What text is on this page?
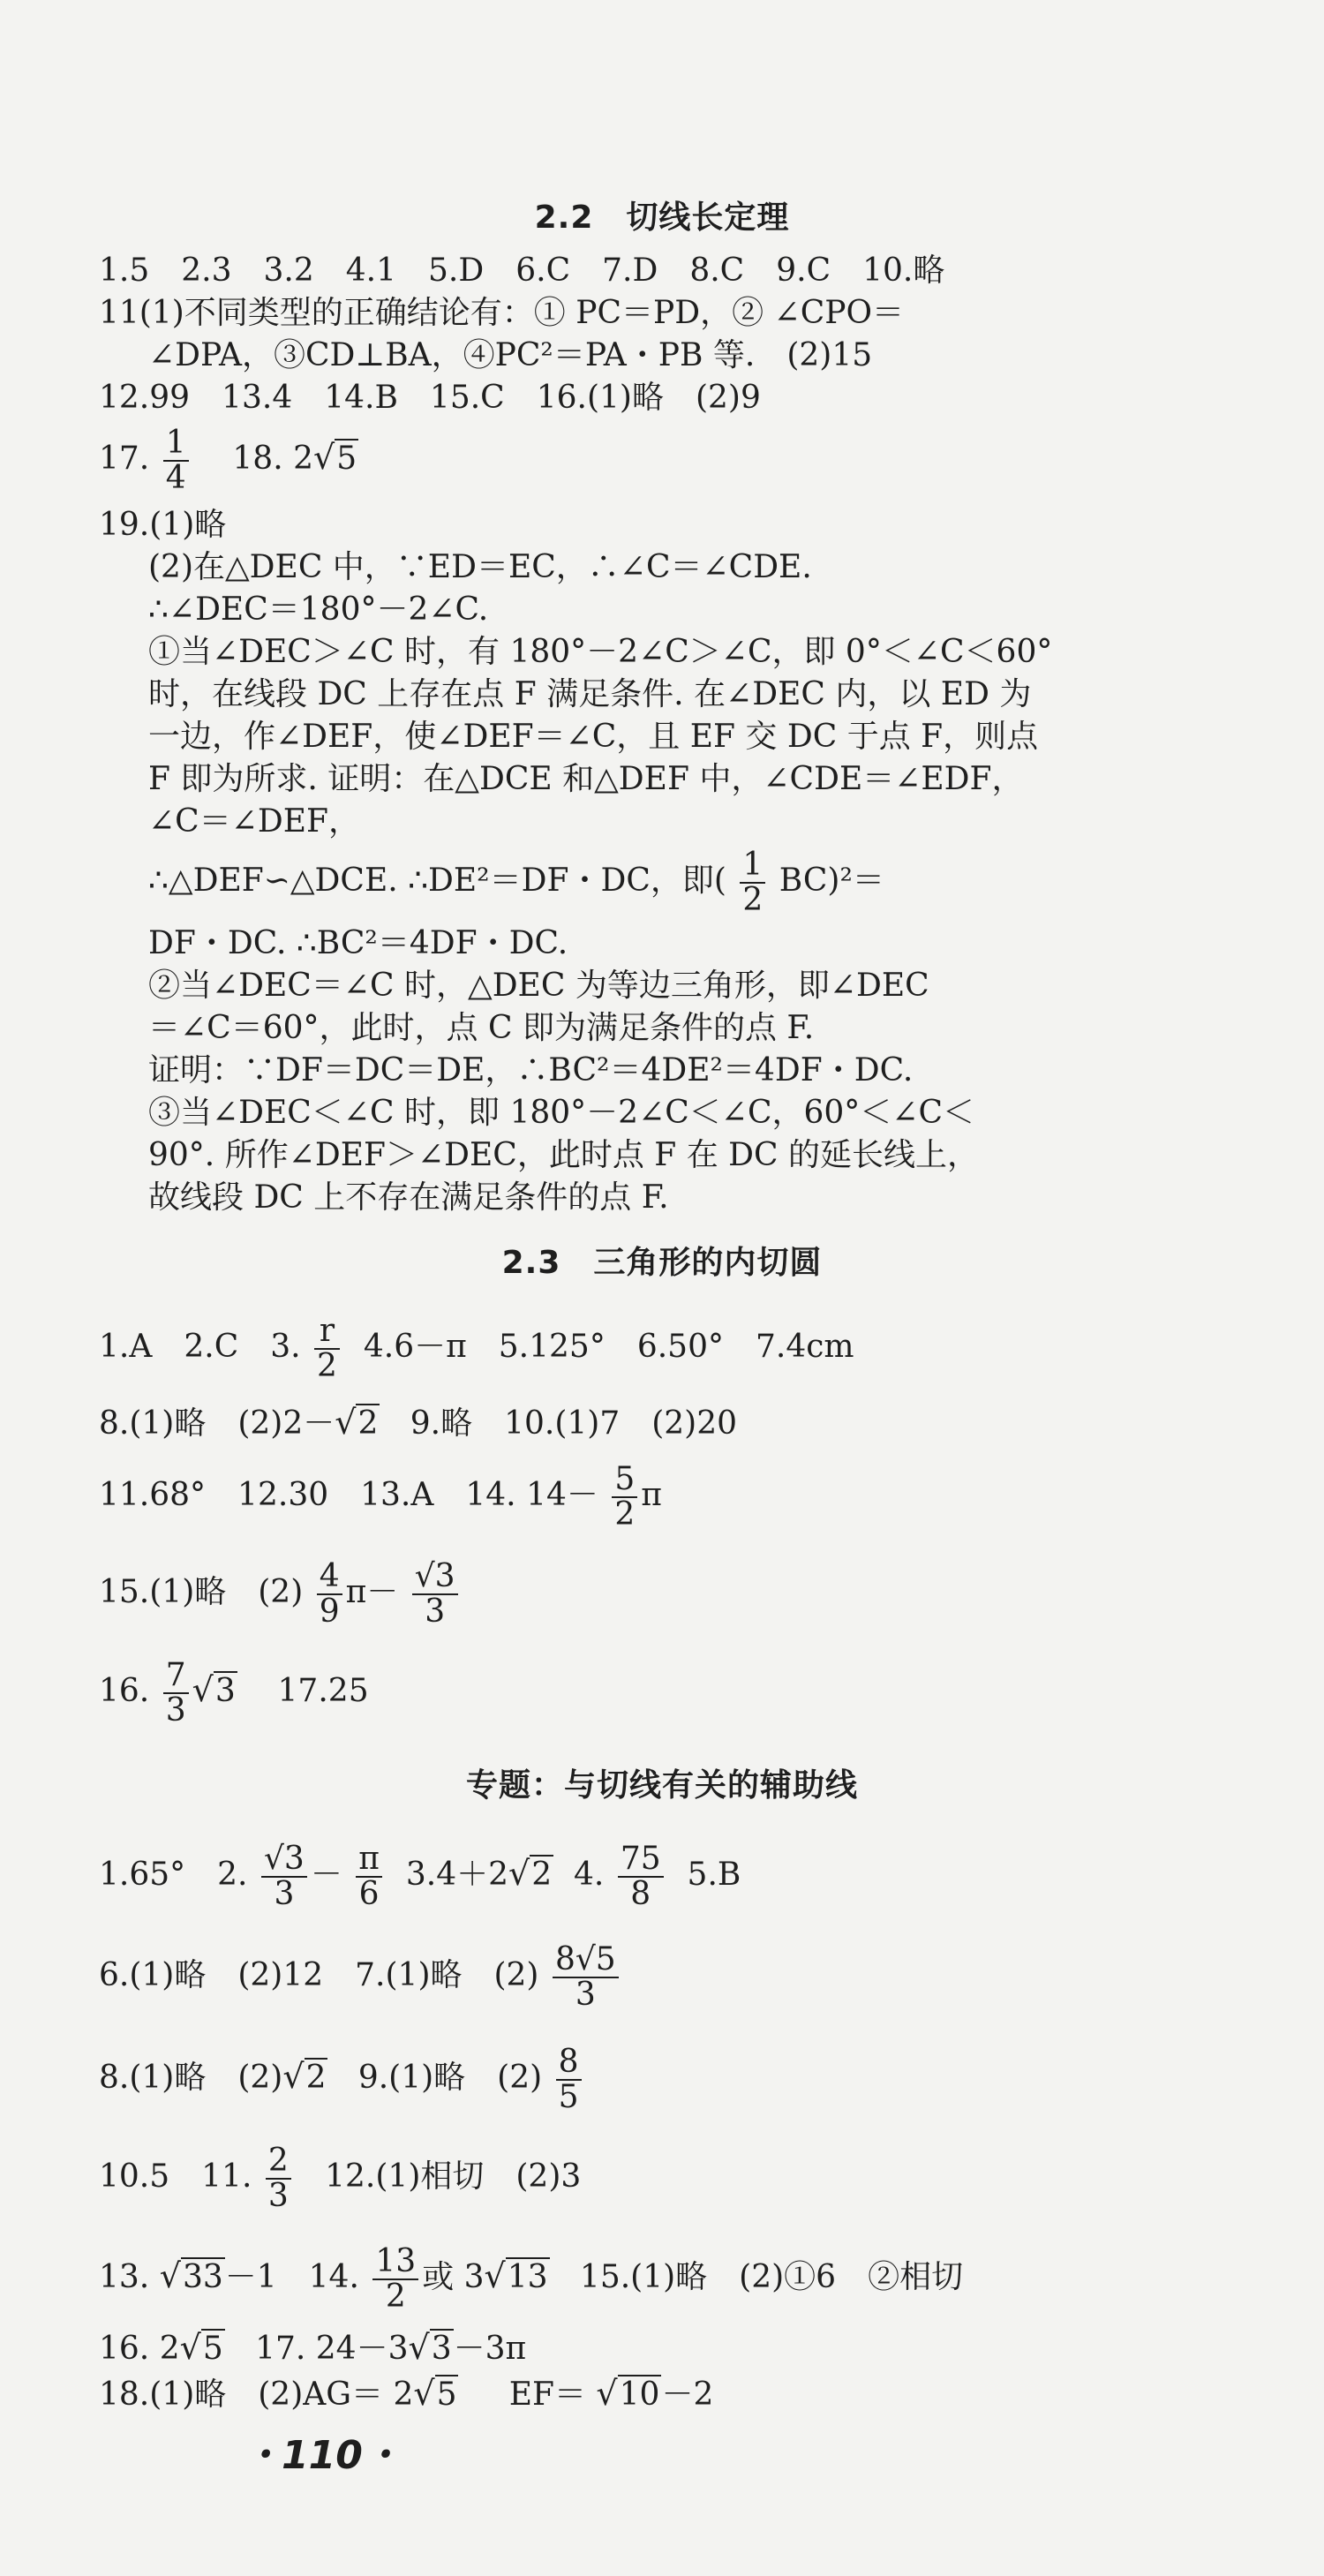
2.2　切线长定理
1.5　2.3　3.2　4.1　5.D　6.C　7.D　8.C　9.C　10.略
11(1)不同类型的正确结论有：① PC＝PD，② ∠CPO＝
∠DPA，③CD⊥BA，④PC²＝PA・PB 等.　(2)15
12.99　13.4　14.B　15.C　16.(1)略　(2)9
17. $\frac{1}{4} 18$. 2√5
19.(1)略
(2)在△DEC 中，∵ED＝EC，∴∠C＝∠CDE.
∴∠DEC＝180°－2∠C.
①当∠DEC＞∠C 时，有 180°－2∠C＞∠C，即 0°＜∠C＜60°
时，在线段 DC 上存在点 F 满足条件. 在∠DEC 内，以 ED 为
一边，作∠DEF，使∠DEF＝∠C，且 EF 交 DC 于点 F，则点
F 即为所求. 证明：在△DCE 和△DEF 中，∠CDE＝∠EDF，
∠C＝∠DEF，
∴△DEF∽△DCE. ∴DE²＝DF・DC，即( $\frac{1}{2} BC)^2=$
DF・DC. ∴BC²＝4DF・DC.
②当∠DEC＝∠C 时，△DEC 为等边三角形，即∠DEC
＝∠C＝60°，此时，点 C 即为满足条件的点 F.
证明：∵DF＝DC＝DE，∴BC²＝4DE²＝4DF・DC.
③当∠DEC＜∠C 时，即 180°－2∠C＜∠C，60°＜∠C＜
90°. 所作∠DEF＞∠DEC，此时点 F 在 DC 的延长线上，
故线段 DC 上不存在满足条件的点 F.
2.3　三角形的内切圆
1.A　2.C　3. $\frac{r}{2} 4.6-\pi$　5.125°　6.50°　7.4cm
8.(1)略　(2)2－√2 9.略　10.(1)7　(2)20
11.68°　12.30　13.A　14. $14- \frac{5}{2}$ π
15.(1)略　$(2) \frac{4}{9} \pi- \frac{√3}{3}$
16. $\frac{7}{3} √3$ 17.25
专题：与切线有关的辅助线
1.65°　2. $\frac{√3}{3} - \frac{\pi}{6} 3.4+2√2$ 4. $\frac{75}{8} 5.B$
6.(1)略　(2)12　7.(1)略　$(2) \frac{8√5}{3}$
8.(1)略　(2)√2 9.(1)略　$(2) \frac{8}{5}$
10.5　11. $\frac{2}{3} 12.(1)$相切　(2)3
13. √33－1　14. $\frac{13}{2}$ 或 3√13 15.(1)略　(2)①6　②相切
16. 2√5 17. 24－3√3－3π
18.(1)略　(2)AG＝ 2√5 EF＝ √10－2
・110・
